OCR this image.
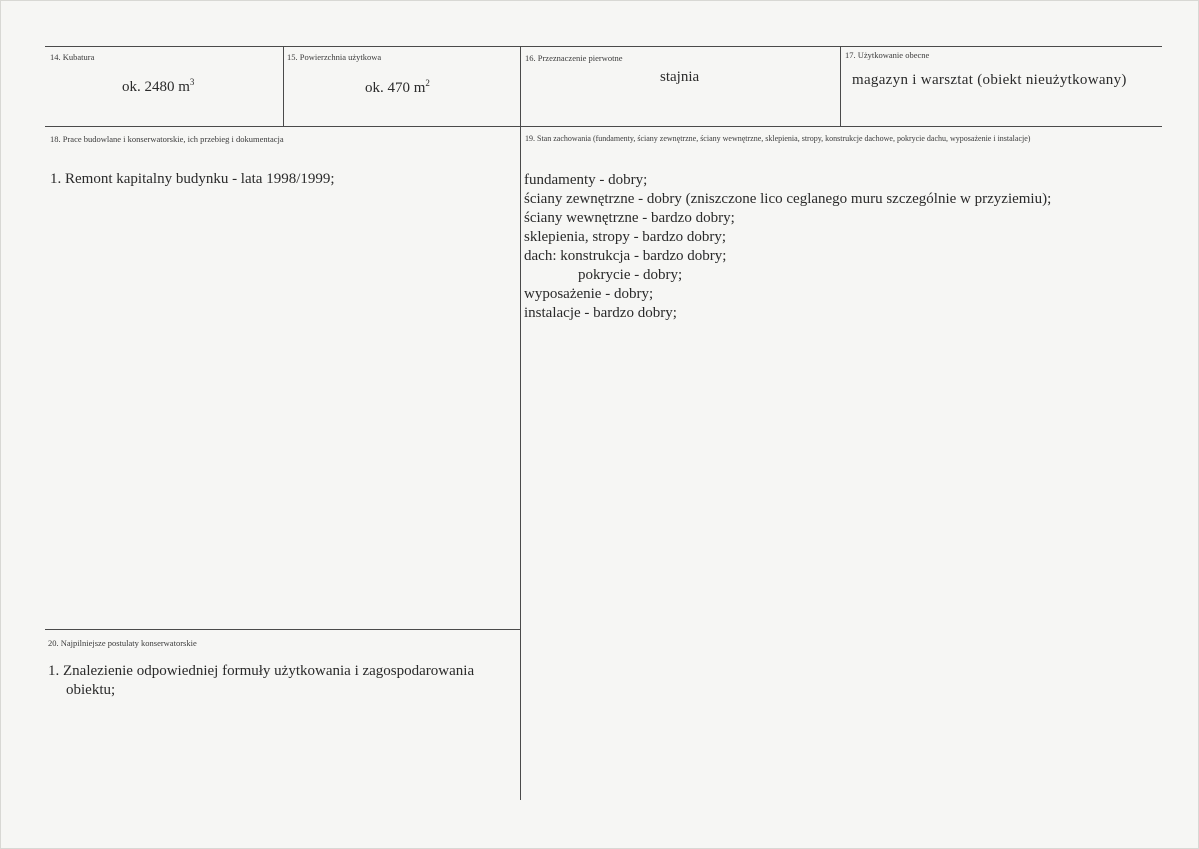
14. Kubatura
ok. 2480 $m^3$
15. Powierzchnia użytkowa
ok. 470 $m^2$
16. Przeznaczenie pierwotne
stajnia
17. Użytkowanie obecne
magazyn i warsztat (obiekt nieużytkowany)
18. Prace budowlane i konserwatorskie, ich przebieg i dokumentacja
1. Remont kapitalny budynku - lata 1998/1999;
19. Stan zachowania (fundamenty, ściany zewnętrzne, ściany wewnętrzne, sklepienia, stropy, konstrukcje dachowe, pokrycie dachu, wyposażenie i instalacje)
fundamenty - dobry;
ściany zewnętrzne - dobry (zniszczone lico ceglanego muru szczególnie w przyziemiu);
ściany wewnętrzne - bardzo dobry;
sklepienia, stropy - bardzo dobry;
dach: konstrukcja - bardzo dobry;
pokrycie - dobry;
wyposażenie - dobry;
instalacje - bardzo dobry;
20. Najpilniejsze postulaty konserwatorskie
1. Znalezienie odpowiedniej formuły użytkowania i zagospodarowania
obiektu;
